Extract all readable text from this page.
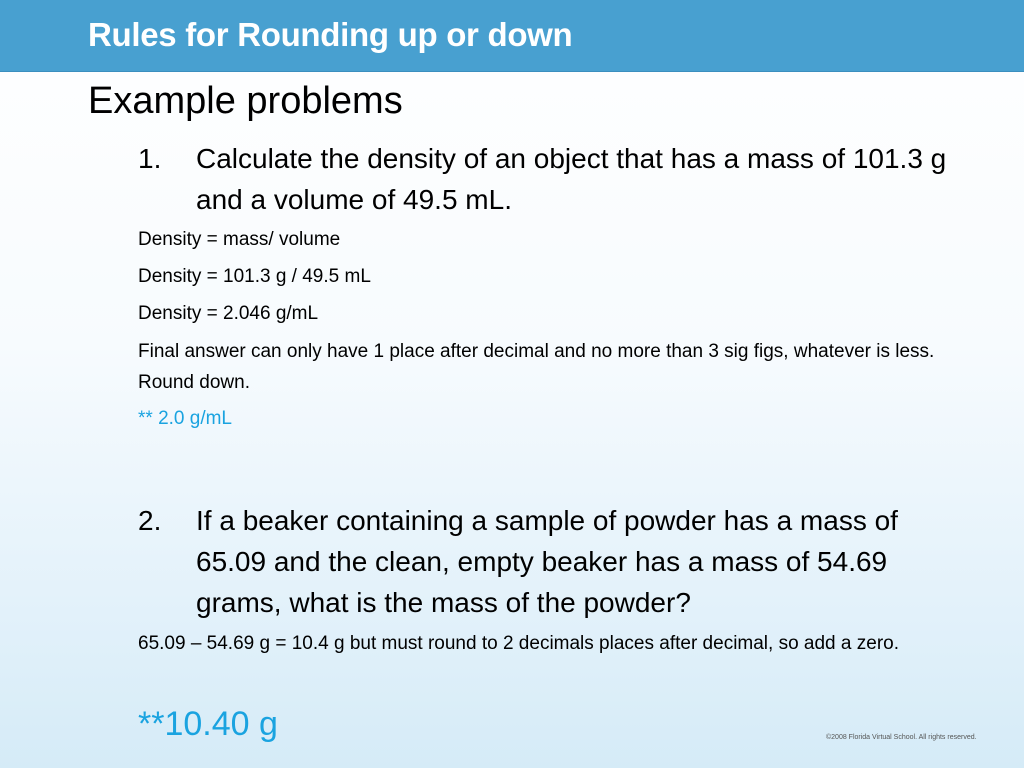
Rules for Rounding up or down
Example problems
1. Calculate the density of an object that has a mass of 101.3 g and a volume of 49.5 mL.
Density = mass/ volume
Density = 101.3 g / 49.5 mL
Density = 2.046 g/mL
Final answer can only have 1 place after decimal and no more than 3 sig figs, whatever is less. Round down.
** 2.0 g/mL
2. If a beaker containing a sample of powder has a mass of 65.09 and the clean, empty beaker has a mass of 54.69 grams, what is the mass of the powder?
65.09 – 54.69 g = 10.4 g but must round to 2 decimals places after decimal, so add a zero.
**10.40 g	©2008 Florida Virtual School. All rights reserved.
